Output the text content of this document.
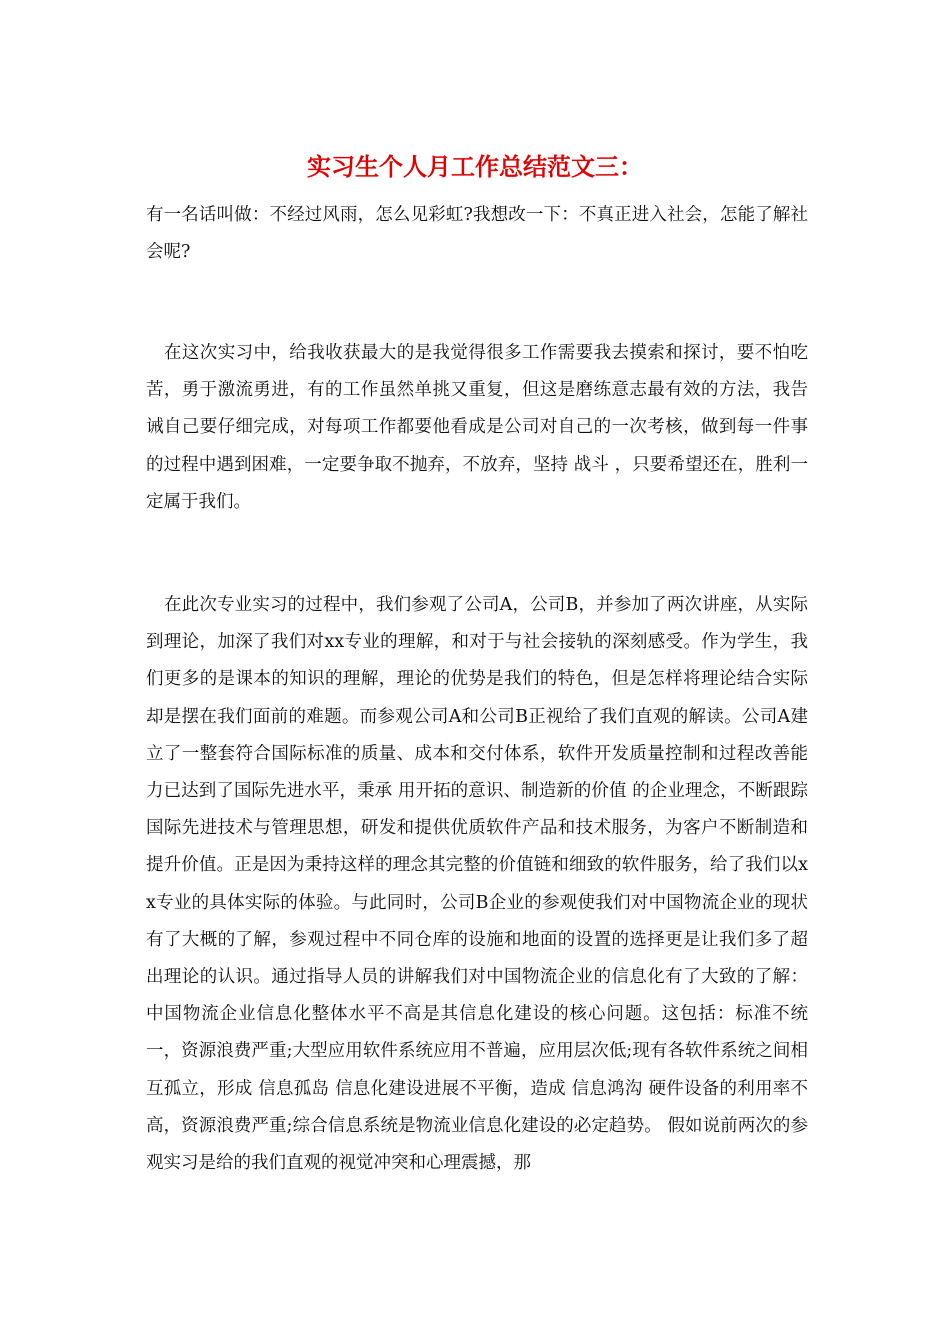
实习生个人月工作总结范文三：
有一名话叫做：不经过风雨，怎么见彩虹?我想改一下：不真正进入社会，怎能了解社会呢?
在这次实习中，给我收获最大的是我觉得很多工作需要我去摸索和探讨，要不怕吃苦，勇于激流勇进，有的工作虽然单挑又重复，但这是磨练意志最有效的方法，我告诫自己要仔细完成，对每项工作都要他看成是公司对自己的一次考核，做到每一件事的过程中遇到困难，一定要争取不抛弃，不放弃，坚持 战斗 ，只要希望还在，胜利一定属于我们。
在此次专业实习的过程中，我们参观了公司A，公司B，并参加了两次讲座，从实际到理论，加深了我们对xx专业的理解，和对于与社会接轨的深刻感受。作为学生，我们更多的是课本的知识的理解，理论的优势是我们的特色，但是怎样将理论结合实际却是摆在我们面前的难题。而参观公司A和公司B正视给了我们直观的解读。公司A建立了一整套符合国际标准的质量、成本和交付体系，软件开发质量控制和过程改善能力已达到了国际先进水平，秉承 用开拓的意识、制造新的价值 的企业理念，不断跟踪国际先进技术与管理思想，研发和提供优质软件产品和技术服务，为客户不断制造和提升价值。正是因为秉持这样的理念其完整的价值链和细致的软件服务，给了我们以xx专业的具体实际的体验。与此同时，公司B企业的参观使我们对中国物流企业的现状有了大概的了解，参观过程中不同仓库的设施和地面的设置的选择更是让我们多了超出理论的认识。通过指导人员的讲解我们对中国物流企业的信息化有了大致的了解：中国物流企业信息化整体水平不高是其信息化建设的核心问题。这包括：标准不统一，资源浪费严重;大型应用软件系统应用不普遍，应用层次低;现有各软件系统之间相互孤立，形成 信息孤岛 信息化建设进展不平衡，造成 信息鸿沟 硬件设备的利用率不高，资源浪费严重;综合信息系统是物流业信息化建设的必定趋势。 假如说前两次的参观实习是给的我们直观的视觉冲突和心理震撼，那
